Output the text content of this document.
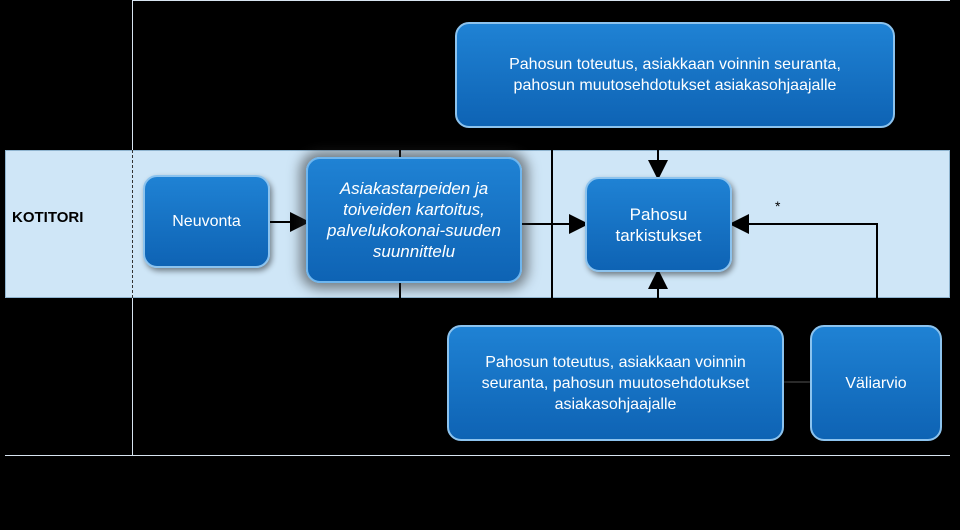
KOTITORI
*
Neuvonta
Asiakastarpeiden ja toiveiden kartoitus, palvelukokonai-suuden suunnittelu
Pahosu tarkistukset
Pahosun toteutus, asiakkaan voinnin seuranta, pahosun muutosehdotukset asiakasohjaajalle
Pahosun toteutus, asiakkaan voinnin seuranta, pahosun muutosehdotukset asiakasohjaajalle
Väliarvio
